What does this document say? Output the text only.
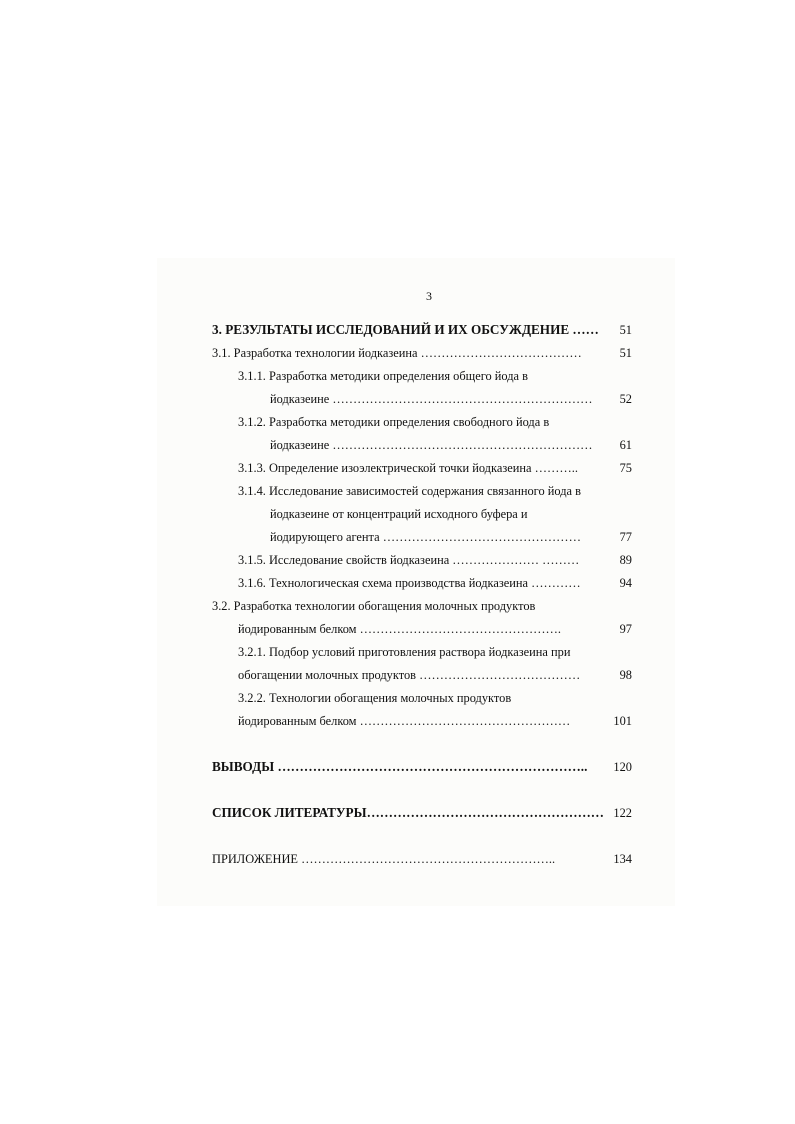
3
3. РЕЗУЛЬТАТЫ ИССЛЕДОВАНИЙ И ИХ ОБСУЖДЕНИЕ ……	51
3.1. Разработка технологии йодказеина …………………………………	51
3.1.1. Разработка методики определения общего йода в
йодказеине ………………………………………………………	52
3.1.2. Разработка методики определения свободного йода в
йодказеине ………………………………………………………	61
3.1.3. Определение изоэлектрической точки йодказеина ………..	75
3.1.4. Исследование зависимостей содержания связанного йода в
йодказеине от концентраций исходного буфера и
йодирующего агента …………………………………………	77
3.1.5. Исследование свойств йодказеина ………………… ………	89
3.1.6. Технологическая схема производства йодказеина …………	94
3.2. Разработка технологии обогащения молочных продуктов
йодированным белком ………………………………………….	97
3.2.1. Подбор условий приготовления раствора йодказеина при
обогащении молочных продуктов …………………………………	98
3.2.2. Технологии обогащения молочных продуктов
йодированным белком ……………………………………………	101
ВЫВОДЫ ……………………………………………………………..	120
СПИСОК ЛИТЕРАТУРЫ……………………………………………… 122
ПРИЛОЖЕНИЕ ……………………………………………………..	134
